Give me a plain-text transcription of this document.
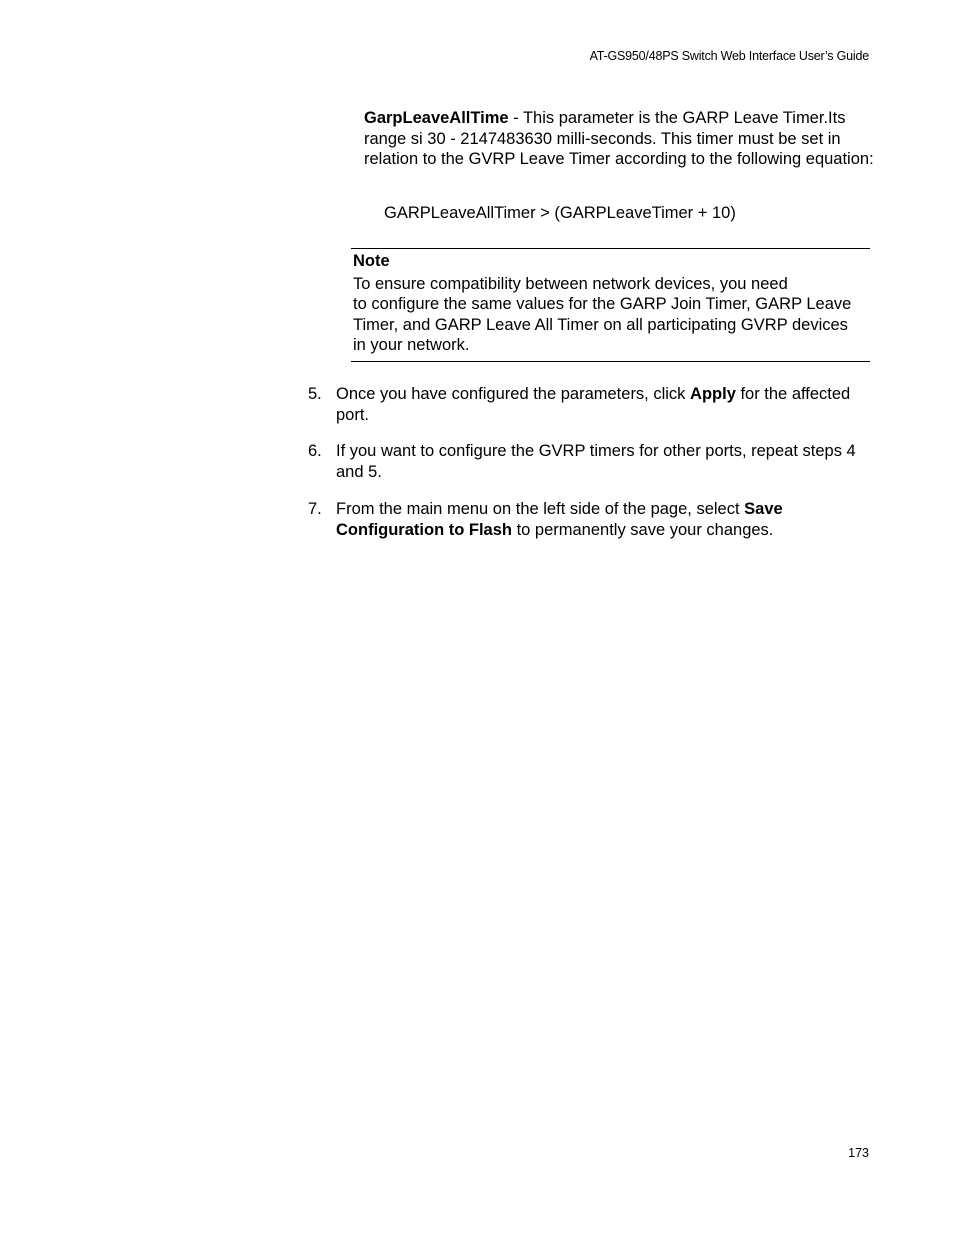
AT-GS950/48PS Switch Web Interface User’s Guide
GarpLeaveAllTime - This parameter is the GARP Leave Timer.Its range si 30 - 2147483630 milli-seconds. This timer must be set in relation to the GVRP Leave Timer according to the following equation:
GARPLeaveAllTimer > (GARPLeaveTimer + 10)
Note
To ensure compatibility between network devices, you need
to configure the same values for the GARP Join Timer, GARP Leave
Timer, and GARP Leave All Timer on all participating GVRP devices
in your network.
5. Once you have configured the parameters, click Apply for the affected port.
6. If you want to configure the GVRP timers for other ports, repeat steps 4 and 5.
7. From the main menu on the left side of the page, select Save Configuration to Flash to permanently save your changes.
173
